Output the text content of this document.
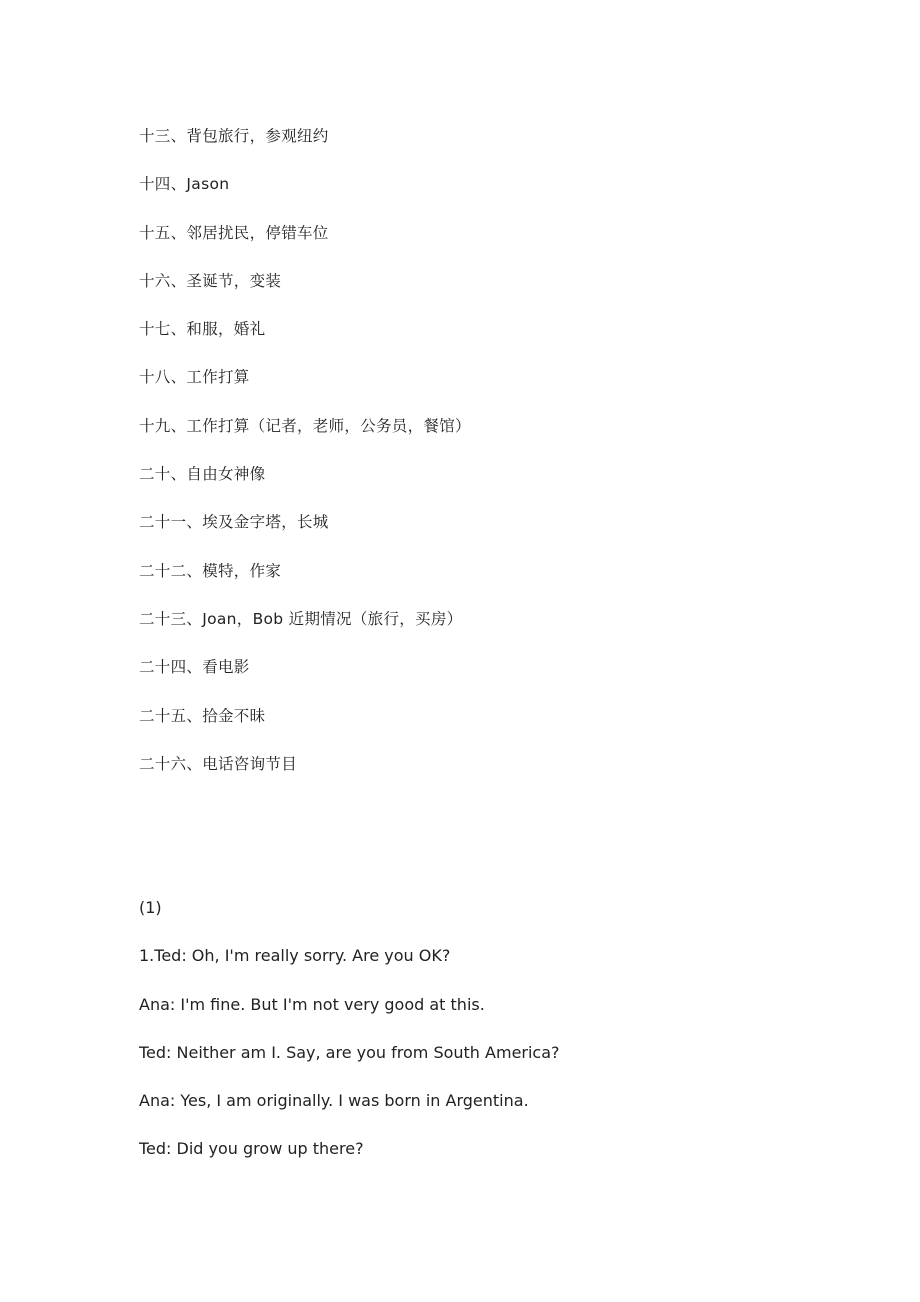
十三、背包旅行，参观纽约
十四、Jason
十五、邻居扰民，停错车位
十六、圣诞节，变装
十七、和服，婚礼
十八、工作打算
十九、工作打算（记者，老师，公务员，餐馆）
二十、自由女神像
二十一、埃及金字塔，长城
二十二、模特，作家
二十三、Joan，Bob 近期情况（旅行，买房）
二十四、看电影
二十五、拾金不昧
二十六、电话咨询节目

(1)

1.Ted: Oh, I'm really sorry. Are you OK?

Ana: I'm fine. But I'm not very good at this.

Ted: Neither am I. Say, are you from South America?

Ana: Yes, I am originally. I was born in Argentina.

Ted: Did you grow up there?
